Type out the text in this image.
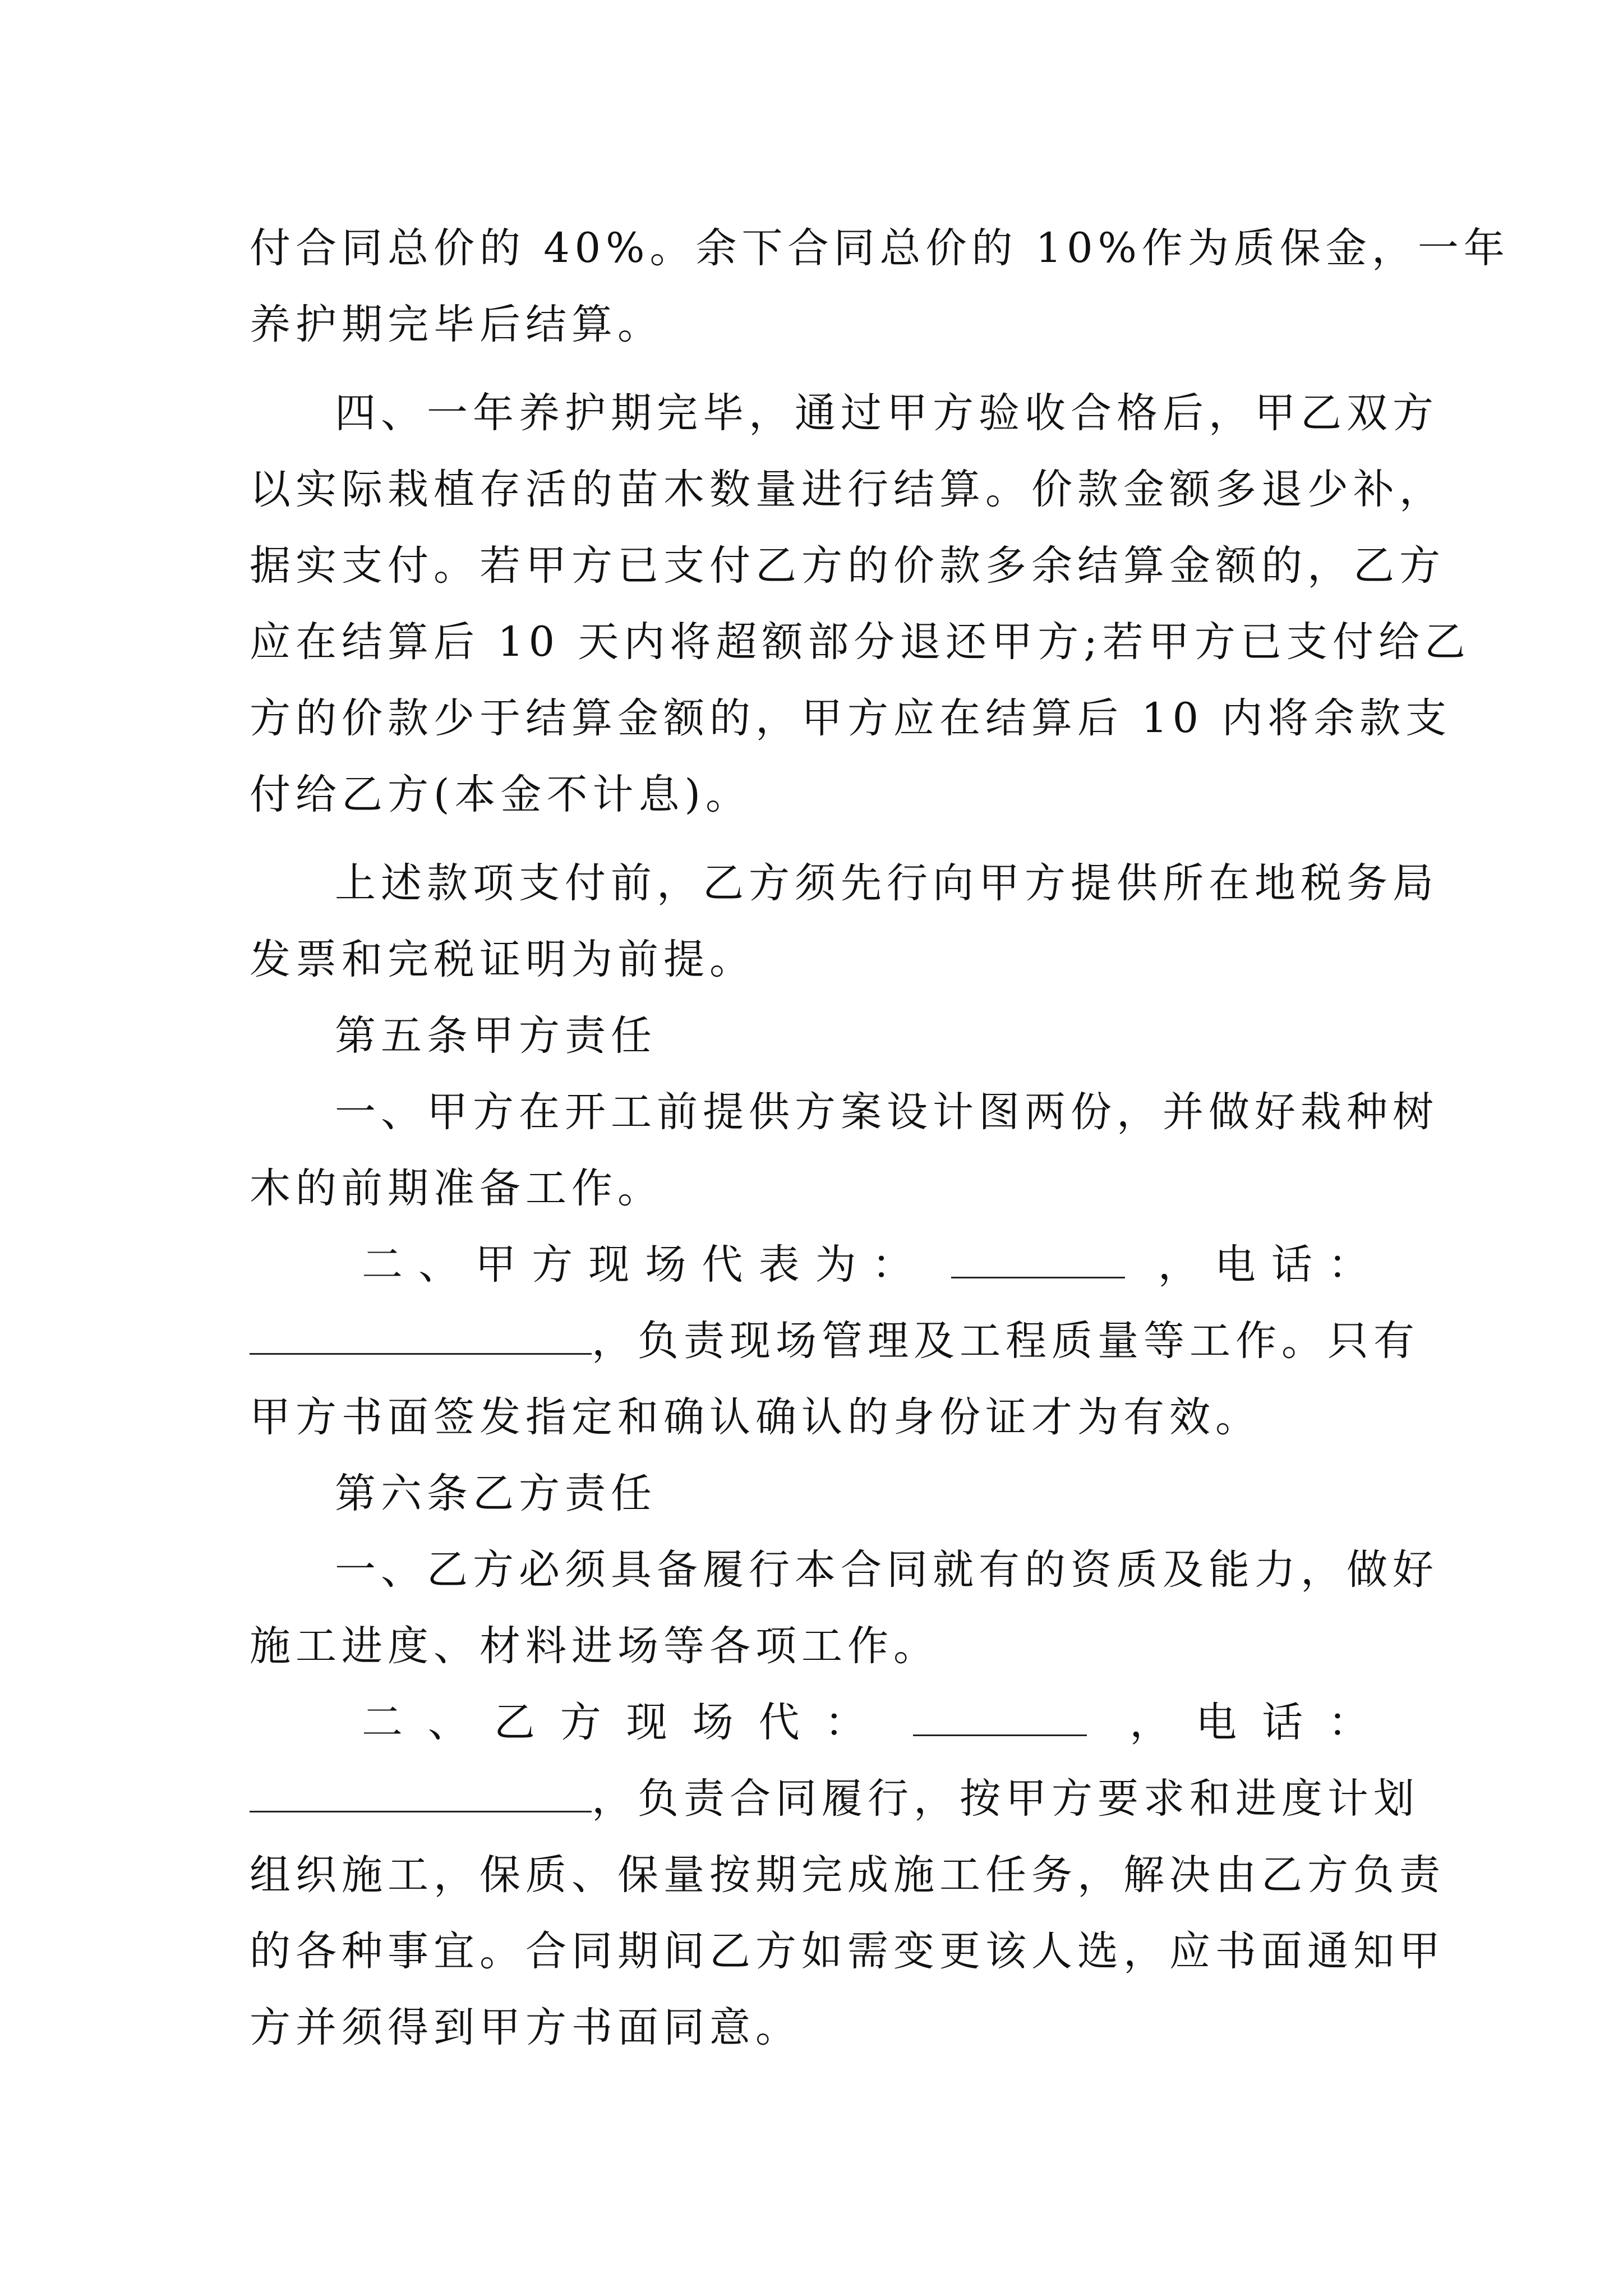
付合同总价的 40%。余下合同总价的 10%作为质保金，一年
养护期完毕后结算。
四、一年养护期完毕，通过甲方验收合格后，甲乙双方
以实际栽植存活的苗木数量进行结算。价款金额多退少补，
据实支付。若甲方已支付乙方的价款多余结算金额的，乙方
应在结算后 10 天内将超额部分退还甲方;若甲方已支付给乙
方的价款少于结算金额的，甲方应在结算后 10 内将余款支
付给乙方(本金不计息)。
上述款项支付前，乙方须先行向甲方提供所在地税务局
发票和完税证明为前提。
第五条甲方责任
一、甲方在开工前提供方案设计图两份，并做好栽种树
木的前期准备工作。
二、甲方现场代表为：	，电话：
，负责现场管理及工程质量等工作。只有
甲方书面签发指定和确认确认的身份证才为有效。
第六条乙方责任
一、乙方必须具备履行本合同就有的资质及能力，做好
施工进度、材料进场等各项工作。
二、乙方现场代：	，电话：
，负责合同履行，按甲方要求和进度计划
组织施工，保质、保量按期完成施工任务，解决由乙方负责
的各种事宜。合同期间乙方如需变更该人选，应书面通知甲
方并须得到甲方书面同意。
